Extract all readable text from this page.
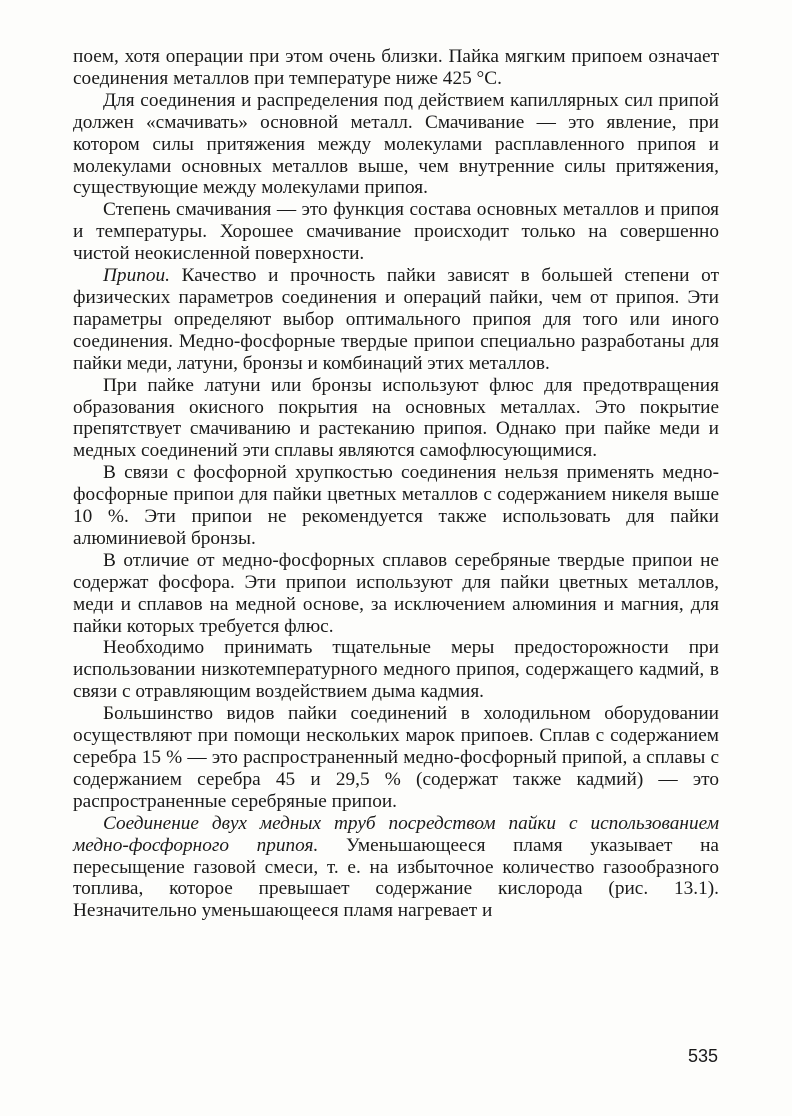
поем, хотя операции при этом очень близки. Пайка мягким припоем означает соединения металлов при температуре ниже 425 °С.

Для соединения и распределения под действием капиллярных сил припой должен «смачивать» основной металл. Смачивание — это явление, при котором силы притяжения между молекулами расплавленного припоя и молекулами основных металлов выше, чем внутренние силы притяжения, существующие между молекулами припоя.

Степень смачивания — это функция состава основных металлов и припоя и температуры. Хорошее смачивание происходит только на совершенно чистой неокисленной поверхности.

Припои. Качество и прочность пайки зависят в большей степени от физических параметров соединения и операций пайки, чем от припоя. Эти параметры определяют выбор оптимального припоя для того или иного соединения. Медно-фосфорные твердые припои специально разработаны для пайки меди, латуни, бронзы и комбинаций этих металлов.

При пайке латуни или бронзы используют флюс для предотвращения образования окисного покрытия на основных металлах. Это покрытие препятствует смачиванию и растеканию припоя. Однако при пайке меди и медных соединений эти сплавы являются самофлюсующимися.

В связи с фосфорной хрупкостью соединения нельзя применять медно-фосфорные припои для пайки цветных металлов с содержанием никеля выше 10 %. Эти припои не рекомендуется также использовать для пайки алюминиевой бронзы.

В отличие от медно-фосфорных сплавов серебряные твердые припои не содержат фосфора. Эти припои используют для пайки цветных металлов, меди и сплавов на медной основе, за исключением алюминия и магния, для пайки которых требуется флюс.

Необходимо принимать тщательные меры предосторожности при использовании низкотемпературного медного припоя, содержащего кадмий, в связи с отравляющим воздействием дыма кадмия.

Большинство видов пайки соединений в холодильном оборудовании осуществляют при помощи нескольких марок припоев. Сплав с содержанием серебра 15 % — это распространенный медно-фосфорный припой, а сплавы с содержанием серебра 45 и 29,5 % (содержат также кадмий) — это распространенные серебряные припои.

Соединение двух медных труб посредством пайки с использованием медно-фосфорного припоя. Уменьшающееся пламя указывает на пересыщение газовой смеси, т. е. на избыточное количество газообразного топлива, которое превышает содержание кислорода (рис. 13.1). Незначительно уменьшающееся пламя нагревает и

535
